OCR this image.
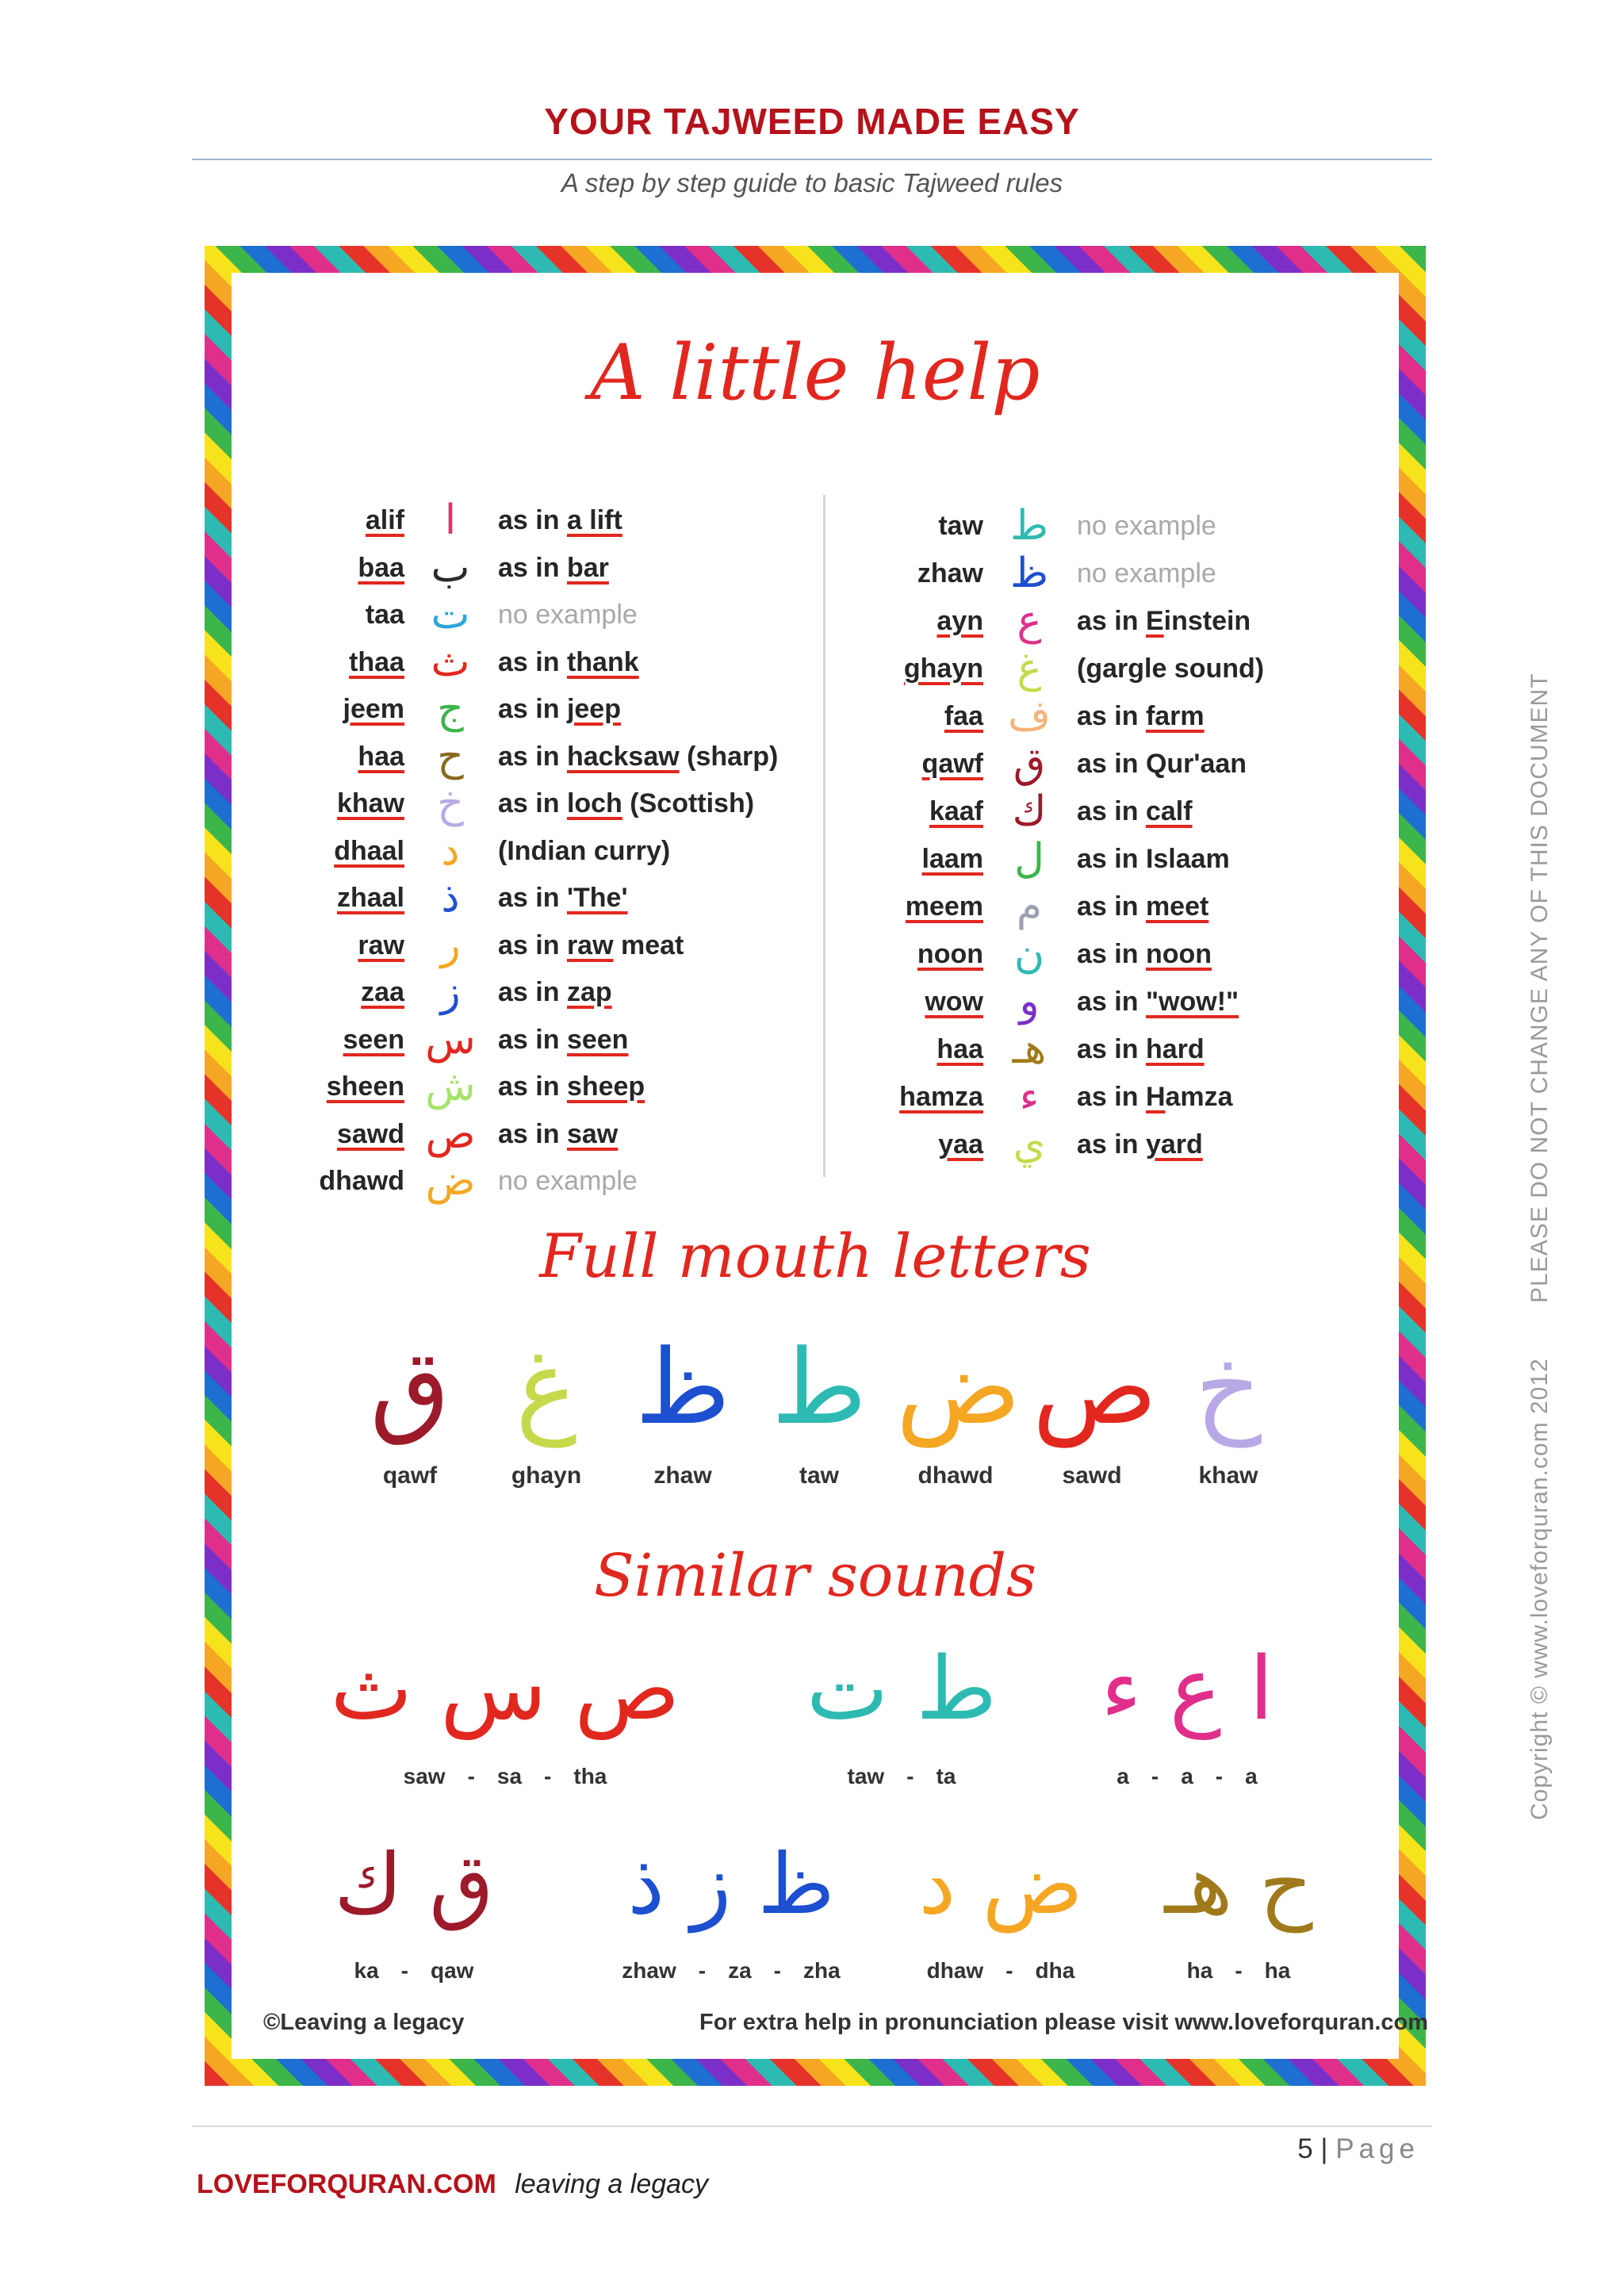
YOUR TAJWEED MADE EASY
A step by step guide to basic Tajweed rules
A little help
Full mouth letters
Similar sounds
©Leaving a legacy	For extra help in pronunciation please visit www.loveforquran.com
alif ا	as in a lift
baa ب	as in bar
taa ت	no example
thaa ث	as in thank
jeem ج	as in jeep
haa ح	as in hacksaw (sharp)
khaw خ	as in loch (Scottish)
dhaal د	(Indian curry)
zhaal ذ	as in 'The'
raw ر	as in raw meat
zaa ز	as in zap
seen س as in seen
sheen ش as in sheep
sawd ص as in saw
dhawd ض no example
taw ط	no example
zhaw ظ	no example
ayn ع	as in Einstein
ghayn غ	(gargle sound)
faa ف as in farm
qawf ق	as in Qur'aan
kaaf ك	as in calf
laam ل	as in Islaam
meem م	as in meet
noon ن	as in noon
wow و	as in "wow!"
haa هـ	as in hard
hamza ء	as in Hamza
yaa ي	as in yard
ق
qawf
غ
ghayn
ظ
zhaw
ط
taw
ض
dhawd
ص
sawd
خ
khaw
ص س ث
saw - sa - tha
ط ت
taw - ta
ا ع ء
a - a - a
ق ك
ka - qaw
ظ ز ذ
zhaw - za - zha
ض د
dhaw - dha
ح هـ
ha - ha
Copyright © www.loveforquran.com 2012 PLEASE DO NOT CHANGE ANY OF THIS DOCUMENT
5 | Page
LOVEFORQURAN.COM leaving a legacy
